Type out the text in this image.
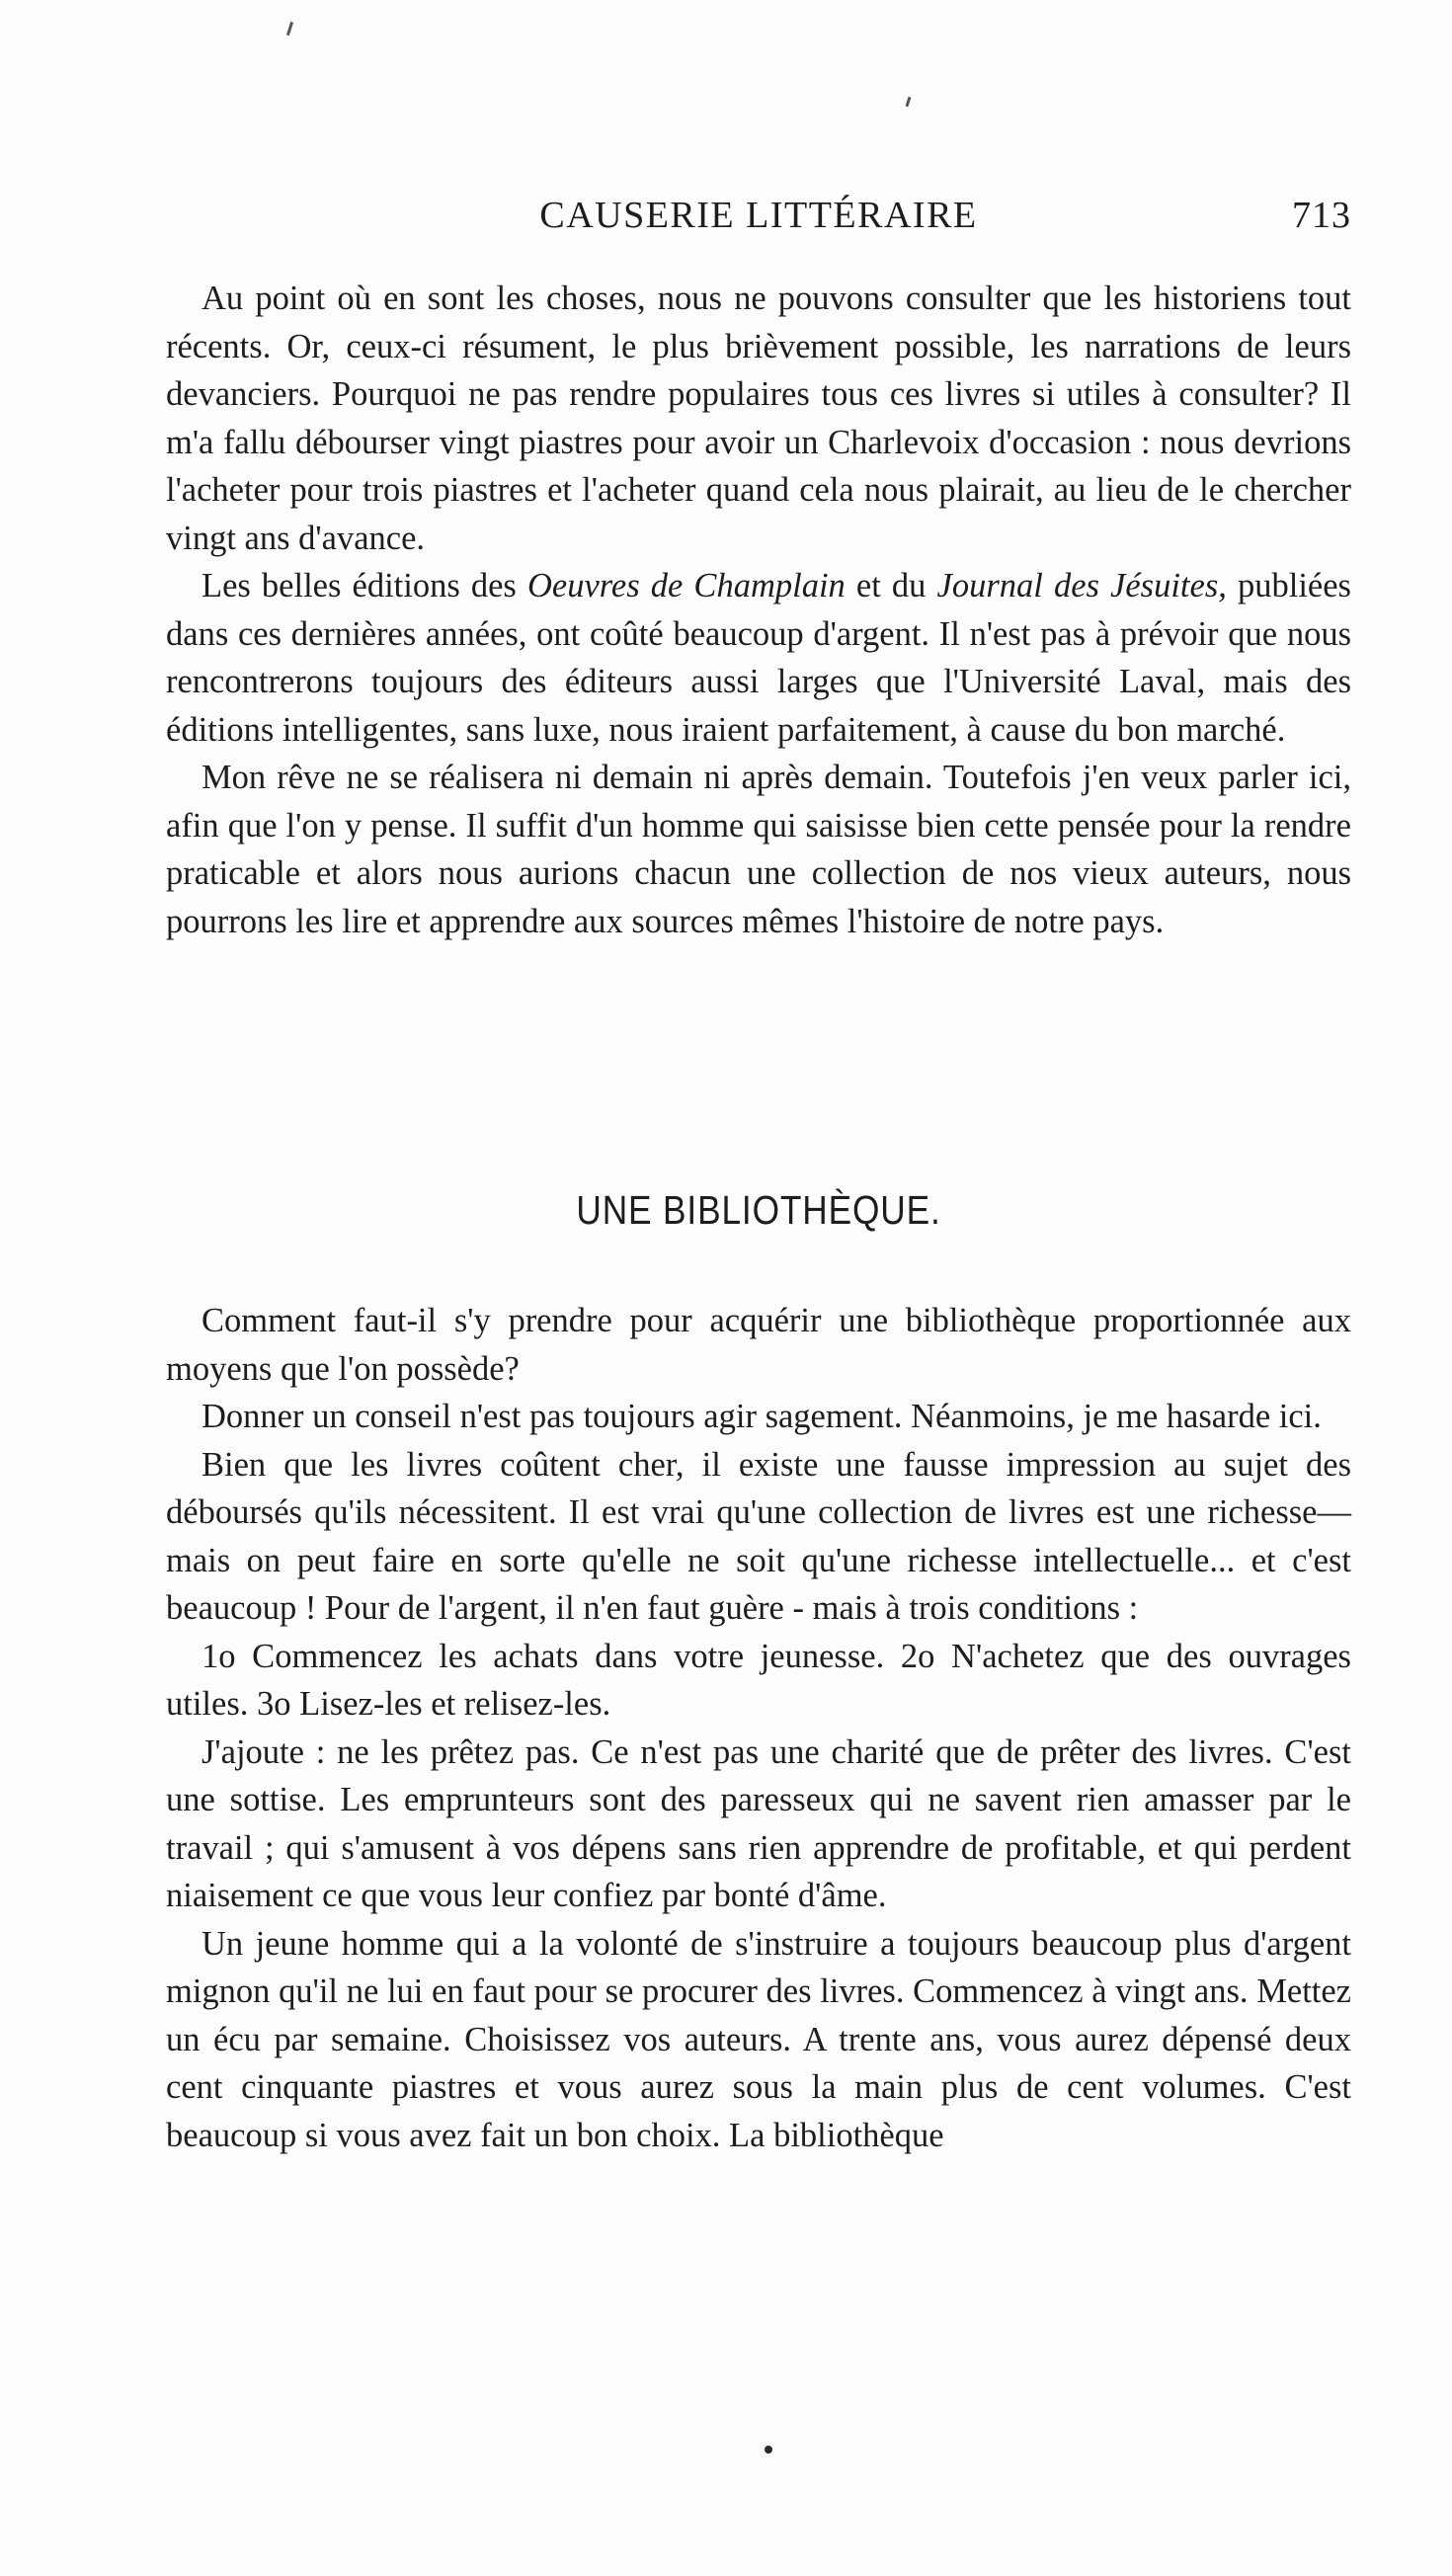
CAUSERIE LITTÉRAIRE	713

Au point où en sont les choses, nous ne pouvons consulter que les historiens tout récents. Or, ceux-ci résument, le plus brièvement possible, les narrations de leurs devanciers. Pourquoi ne pas rendre populaires tous ces livres si utiles à consulter? Il m'a fallu débourser vingt piastres pour avoir un Charlevoix d'occasion : nous devrions l'acheter pour trois piastres et l'acheter quand cela nous plairait, au lieu de le chercher vingt ans d'avance.

Les belles éditions des Oeuvres de Champlain et du Journal des Jésuites, publiées dans ces dernières années, ont coûté beaucoup d'argent. Il n'est pas à prévoir que nous rencontrerons toujours des éditeurs aussi larges que l'Université Laval, mais des éditions intelligentes, sans luxe, nous iraient parfaitement, à cause du bon marché.

Mon rêve ne se réalisera ni demain ni après demain. Toutefois j'en veux parler ici, afin que l'on y pense. Il suffit d'un homme qui saisisse bien cette pensée pour la rendre praticable et alors nous aurions chacun une collection de nos vieux auteurs, nous pourrons les lire et apprendre aux sources mêmes l'histoire de notre pays.

UNE BIBLIOTHÈQUE.

Comment faut-il s'y prendre pour acquérir une bibliothèque proportionnée aux moyens que l'on possède?

Donner un conseil n'est pas toujours agir sagement. Néanmoins, je me hasarde ici.

Bien que les livres coûtent cher, il existe une fausse impression au sujet des déboursés qu'ils nécessitent. Il est vrai qu'une collection de livres est une richesse—mais on peut faire en sorte qu'elle ne soit qu'une richesse intellectuelle... et c'est beaucoup ! Pour de l'argent, il n'en faut guère - mais à trois conditions :

1o Commencez les achats dans votre jeunesse. 2o N'achetez que des ouvrages utiles. 3o Lisez-les et relisez-les.

J'ajoute : ne les prêtez pas. Ce n'est pas une charité que de prêter des livres. C'est une sottise. Les emprunteurs sont des paresseux qui ne savent rien amasser par le travail ; qui s'amusent à vos dépens sans rien apprendre de profitable, et qui perdent niaisement ce que vous leur confiez par bonté d'âme.

Un jeune homme qui a la volonté de s'instruire a toujours beaucoup plus d'argent mignon qu'il ne lui en faut pour se procurer des livres. Commencez à vingt ans. Mettez un écu par semaine. Choisissez vos auteurs. A trente ans, vous aurez dépensé deux cent cinquante piastres et vous aurez sous la main plus de cent volumes. C'est beaucoup si vous avez fait un bon choix. La bibliothèque
